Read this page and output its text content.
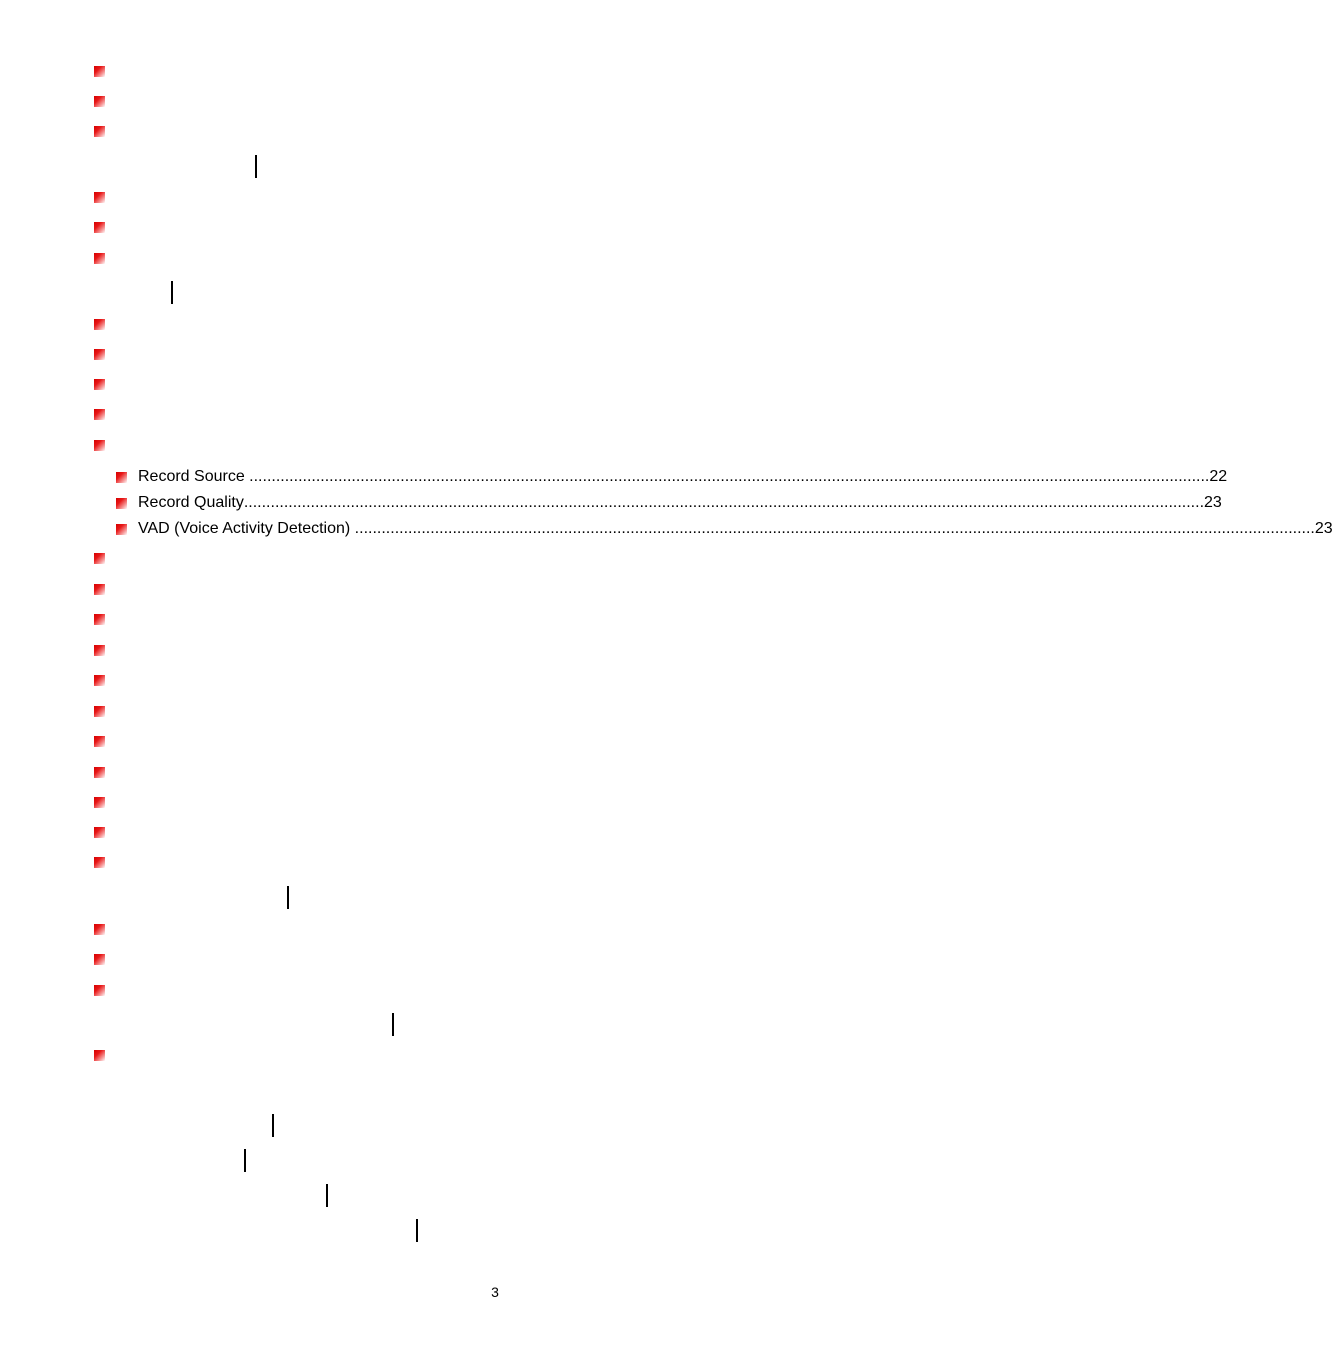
Record Source ........................................................................................................................................................................................................................ 22
Record Quality ........................................................................................................................................................................................................................ 23
VAD (Voice Activity Detection) ........................................................................................................................................................................................................................ 23
3
